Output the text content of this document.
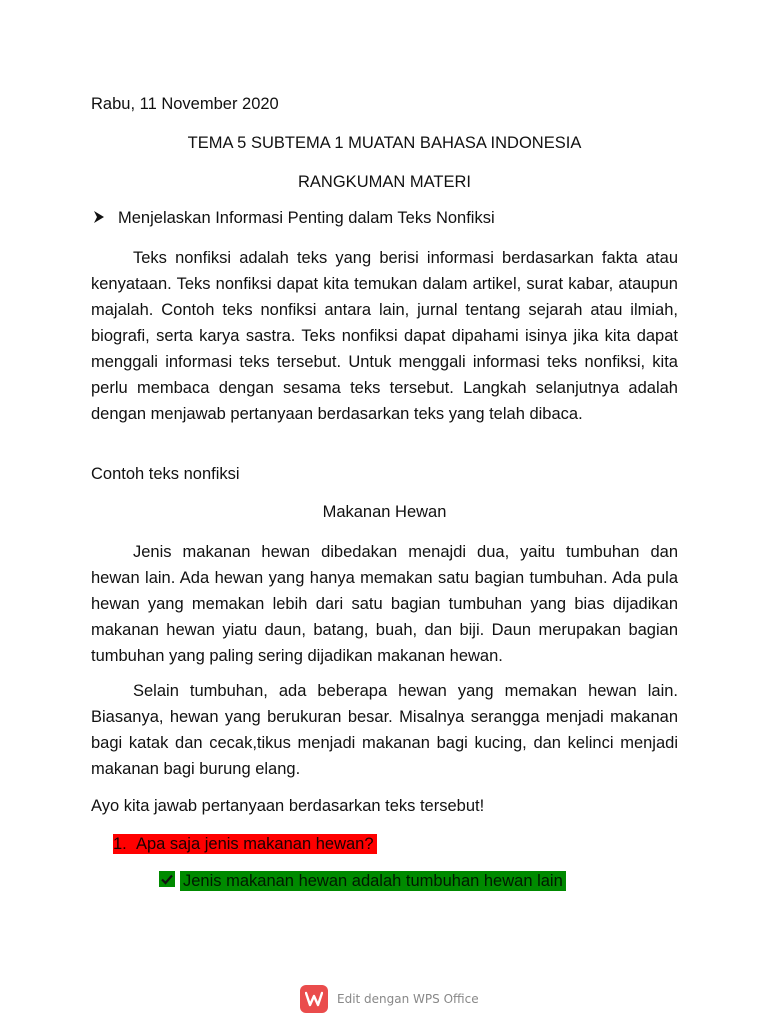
Rabu, 11 November 2020
TEMA 5 SUBTEMA 1 MUATAN BAHASA INDONESIA
RANGKUMAN MATERI
Menjelaskan Informasi Penting dalam Teks Nonfiksi

Teks nonfiksi adalah teks yang berisi informasi berdasarkan fakta atau kenyataan. Teks nonfiksi dapat kita temukan dalam artikel, surat kabar, ataupun majalah. Contoh teks nonfiksi antara lain, jurnal tentang sejarah atau ilmiah, biografi, serta karya sastra. Teks nonfiksi dapat dipahami isinya jika kita dapat menggali informasi teks tersebut. Untuk menggali informasi teks nonfiksi, kita perlu membaca dengan sesama teks tersebut. Langkah selanjutnya adalah dengan menjawab pertanyaan berdasarkan teks yang telah dibaca.

Contoh teks nonfiksi
Makanan Hewan

Jenis makanan hewan dibedakan menajdi dua, yaitu tumbuhan dan hewan lain. Ada hewan yang hanya memakan satu bagian tumbuhan. Ada pula hewan yang memakan lebih dari satu bagian tumbuhan yang bias dijadikan makanan hewan yiatu daun, batang, buah, dan biji. Daun merupakan bagian tumbuhan yang paling sering dijadikan makanan hewan.

Selain tumbuhan, ada beberapa hewan yang memakan hewan lain. Biasanya, hewan yang berukuran besar. Misalnya serangga menjadi makanan bagi katak dan cecak,tikus menjadi makanan bagi kucing, dan kelinci menjadi makanan bagi burung elang.

Ayo kita jawab pertanyaan berdasarkan teks tersebut!
1. Apa saja jenis makanan hewan?
Jenis makanan hewan adalah tumbuhan hewan lain
Edit dengan WPS Office
